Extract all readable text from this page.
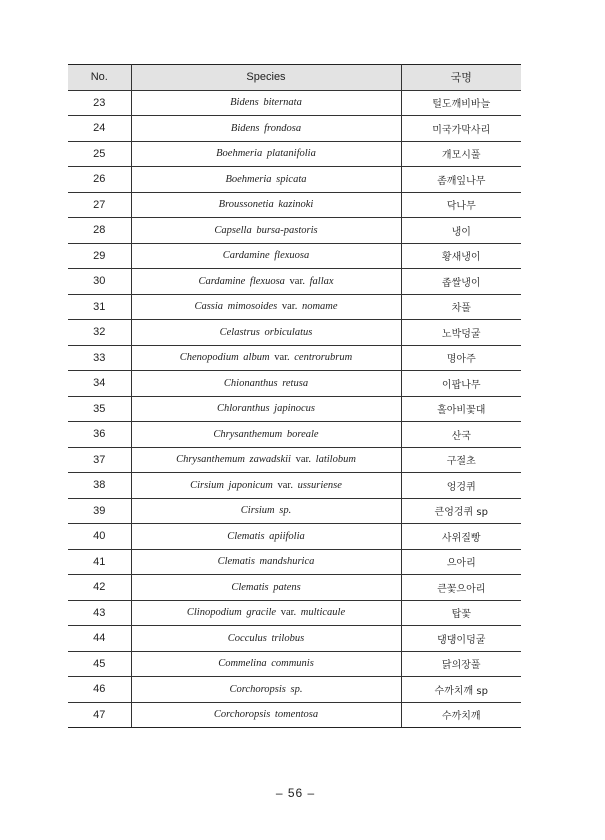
No.	Species	국명
23	Bidens biternata	털도깨비바늘
24	Bidens frondosa	미국가막사리
25	Boehmeria platanifolia	개모시풀
26	Boehmeria spicata	좀깨잎나무
27	Broussonetia kazinoki	닥나무
28	Capsella bursa-pastoris	냉이
29	Cardamine flexuosa	황새냉이
30	Cardamine flexuosa var. fallax	좁쌀냉이
31	Cassia mimosoides var. nomame	차풀
32	Celastrus orbiculatus	노박덩굴
33	Chenopodium album var. centrorubrum	명아주
34	Chionanthus retusa	이팝나무
35	Chloranthus japinocus	홀아비꽃대
36	Chrysanthemum boreale	산국
37	Chrysanthemum zawadskii var. latilobum	구절초
38	Cirsium japonicum var. ussuriense	엉겅퀴
39	Cirsium sp.	큰엉겅퀴 sp
40	Clematis apiifolia	사위질빵
41	Clematis mandshurica	으아리
42	Clematis patens	큰꽃으아리
43	Clinopodium gracile var. multicaule	탑꽃
44	Cocculus trilobus	댕댕이덩굴
45	Commelina communis	닭의장풀
46	Corchoropsis sp.	수까치깨 sp
47	Corchoropsis tomentosa	수까치깨
– 56 –
